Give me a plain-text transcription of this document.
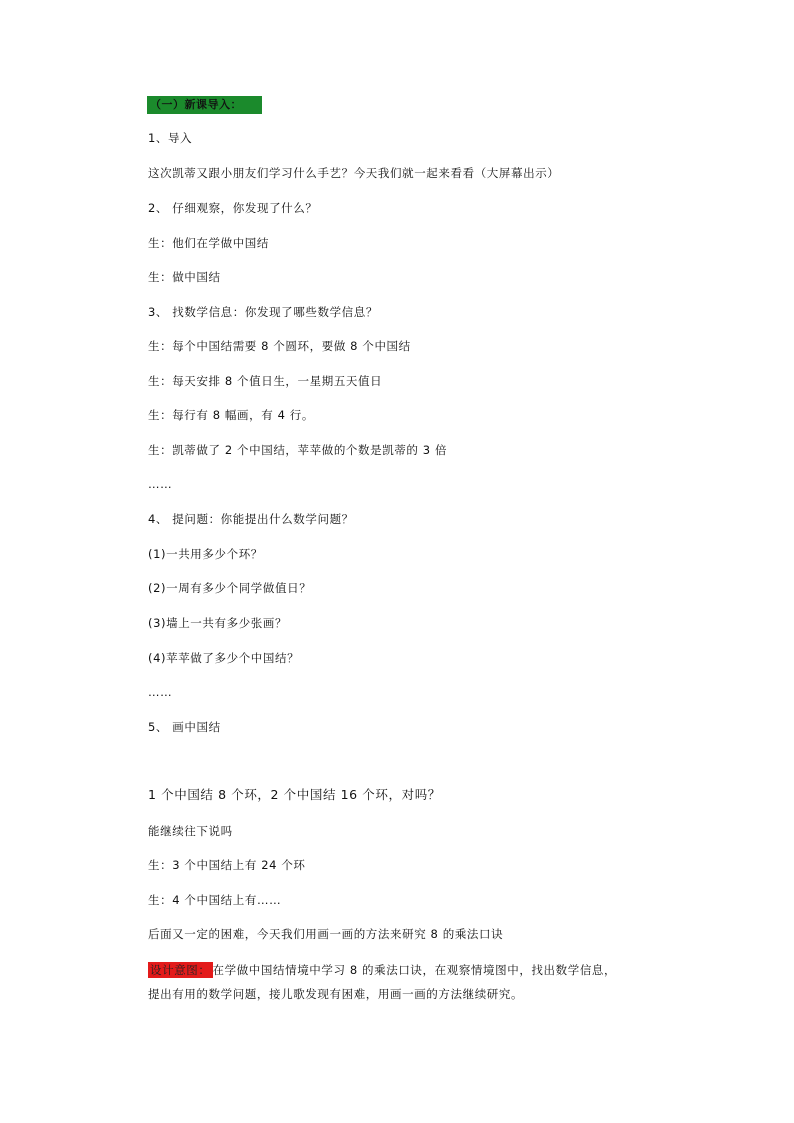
（一）新课导入：
1、导入
这次凯蒂又跟小朋友们学习什么手艺？今天我们就一起来看看（大屏幕出示）
2、 仔细观察，你发现了什么？
生：他们在学做中国结
生：做中国结
3、 找数学信息：你发现了哪些数学信息？
生：每个中国结需要 8 个圆环，要做 8 个中国结
生：每天安排 8 个值日生，一星期五天值日
生：每行有 8 幅画，有 4 行。
生：凯蒂做了 2 个中国结，苹苹做的个数是凯蒂的 3 倍
……
4、 提问题：你能提出什么数学问题？
(1)一共用多少个环？
(2)一周有多少个同学做值日？
(3)墙上一共有多少张画？
(4)苹苹做了多少个中国结？
……
5、 画中国结
1 个中国结 8 个环，2 个中国结 16 个环，对吗？
能继续往下说吗
生：3 个中国结上有 24 个环
生：4 个中国结上有……
后面又一定的困难，今天我们用画一画的方法来研究 8 的乘法口诀
设计意图： 在学做中国结情境中学习 8 的乘法口诀，在观察情境图中，找出数学信息，
提出有用的数学问题，接儿歌发现有困难，用画一画的方法继续研究。
